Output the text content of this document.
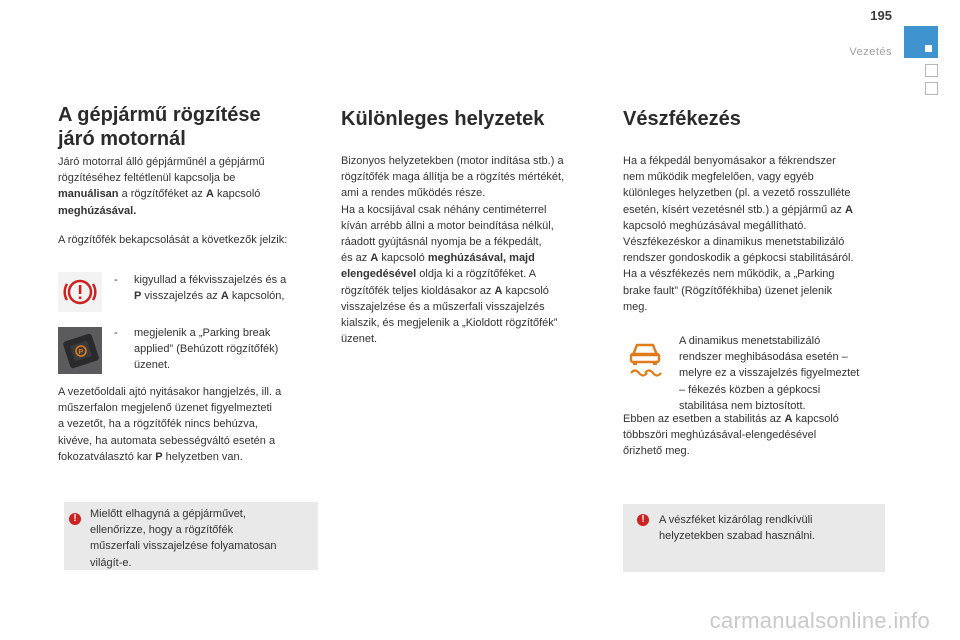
195
Vezetés
A gépjármű rögzítése
járó motornál

Járó motorral álló gépjárműnél a gépjármű
rögzítéséhez feltétlenül kapcsolja be
manuálisan a rögzítőféket az A kapcsoló
meghúzásával.

A rögzítőfék bekapcsolását a következők jelzik:

- kigyullad a fékvisszajelzés és a
P visszajelzés az A kapcsolón,
P
- megjelenik a „Parking break
applied” (Behúzott rögzítőfék)
üzenet.

A vezetőoldali ajtó nyitásakor hangjelzés, ill. a
műszerfalon megjelenő üzenet figyelmezteti
a vezetőt, ha a rögzítőfék nincs behúzva,
kivéve, ha automata sebességváltó esetén a
fokozatválasztó kar P helyzetben van.

!	Mielőtt elhagyná a gépjárművet,
ellenőrizze, hogy a rögzítőfék
műszerfali visszajelzése folyamatosan
világít-e.

Különleges helyzetek

Bizonyos helyzetekben (motor indítása stb.) a
rögzítőfék maga állítja be a rögzítés mértékét,
ami a rendes működés része.
Ha a kocsijával csak néhány centiméterrel
kíván arrébb állni a motor beindítása nélkül,
ráadott gyújtásnál nyomja be a fékpedált,
és az A kapcsoló meghúzásával, majd
elengedésével oldja ki a rögzítőféket. A
rögzítőfék teljes kioldásakor az A kapcsoló
visszajelzése és a műszerfali visszajelzés
kialszik, és megjelenik a „Kioldott rögzítőfék”
üzenet.

Vészfékezés

Ha a fékpedál benyomásakor a fékrendszer
nem működik megfelelően, vagy egyéb
különleges helyzetben (pl. a vezető rosszulléte
esetén, kísért vezetésnél stb.) a gépjármű az A
kapcsoló meghúzásával megállítható.
Vészfékezéskor a dinamikus menetstabilizáló
rendszer gondoskodik a gépkocsi stabilitásáról.
Ha a vészfékezés nem működik, a „Parking
brake fault” (Rögzítőfékhiba) üzenet jelenik
meg.

A dinamikus menetstabilizáló
rendszer meghibásodása esetén –
melyre ez a visszajelzés figyelmeztet
– fékezés közben a gépkocsi
stabilitása nem biztosított.

Ebben az esetben a stabilitás az A kapcsoló
többszöri meghúzásával-elengedésével
őrizhető meg.

!	A vészféket kizárólag rendkívüli
helyzetekben szabad használni.

carmanualsonline.info
